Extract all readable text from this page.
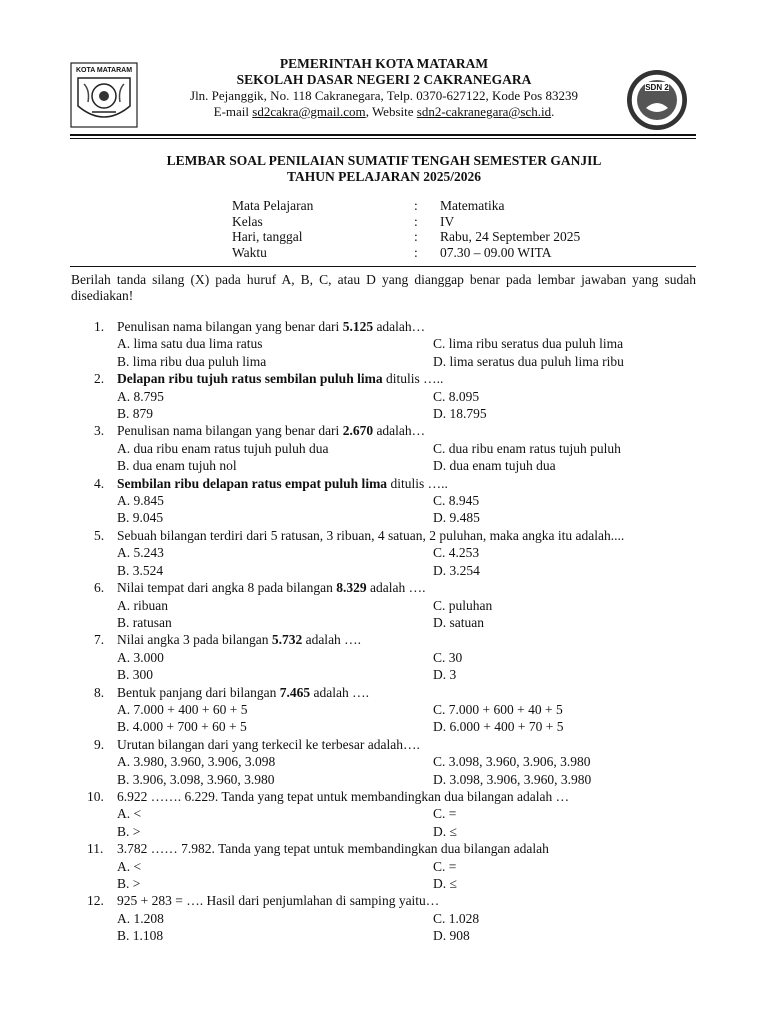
KOTA MATARAM	PEMERINTAH KOTA MATARAM
SEKOLAH DASAR NEGERI 2 CAKRANEGARA
Jln. Pejanggik, No. 118 Cakranegara, Telp. 0370-627122, Kode Pos 83239
E-mail sd2cakra@gmail.com, Website sdn2-cakranegara@sch.id.
SDN 2
LEMBAR SOAL PENILAIAN SUMATIF TENGAH SEMESTER GANJIL
TAHUN PELAJARAN 2025/2026
Mata Pelajaran	:	Matematika
Kelas	:	IV
Hari, tanggal	:	Rabu, 24 September 2025
Waktu	:	07.30 – 09.00 WITA
Berilah tanda silang (X) pada huruf A, B, C, atau D yang dianggap benar pada lembar jawaban yang sudah disediakan!
1. Penulisan nama bilangan yang benar dari 5.125 adalah…
A. lima satu dua lima ratus	C. lima ribu seratus dua puluh lima
B. lima ribu dua puluh lima	D. lima seratus dua puluh lima ribu
2. Delapan ribu tujuh ratus sembilan puluh lima ditulis …..
A. 8.795	C. 8.095
B. 879	D. 18.795
3. Penulisan nama bilangan yang benar dari 2.670 adalah…
A. dua ribu enam ratus tujuh puluh dua	C. dua ribu enam ratus tujuh puluh
B. dua enam tujuh nol	D. dua enam tujuh dua
4. Sembilan ribu delapan ratus empat puluh lima ditulis …..
A. 9.845	C. 8.945
B. 9.045	D. 9.485
5. Sebuah bilangan terdiri dari 5 ratusan, 3 ribuan, 4 satuan, 2 puluhan, maka angka itu adalah....
A. 5.243	C. 4.253
B. 3.524	D. 3.254
6. Nilai tempat dari angka 8 pada bilangan 8.329 adalah ….
A. ribuan	C. puluhan
B. ratusan	D. satuan
7. Nilai angka 3 pada bilangan 5.732 adalah ….
A. 3.000	C. 30
B. 300	D. 3
8. Bentuk panjang dari bilangan 7.465 adalah ….
A. 7.000 + 400 + 60 + 5	C. 7.000 + 600 + 40 + 5
B. 4.000 + 700 + 60 + 5	D. 6.000 + 400 + 70 + 5
9. Urutan bilangan dari yang terkecil ke terbesar adalah….
A. 3.980, 3.960, 3.906, 3.098	C. 3.098, 3.960, 3.906, 3.980
B. 3.906, 3.098, 3.960, 3.980	D. 3.098, 3.906, 3.960, 3.980
10. 6.922 ……. 6.229. Tanda yang tepat untuk membandingkan dua bilangan adalah …
A. <	C. =
B. >	D. ≤
11.	3.782 …… 7.982. Tanda yang tepat untuk membandingkan dua bilangan adalah
A. <	C. =
B. >	D. ≤
12. 925 + 283 = …. Hasil dari penjumlahan di samping yaitu…
A. 1.208	C. 1.028
B. 1.108	D. 908
